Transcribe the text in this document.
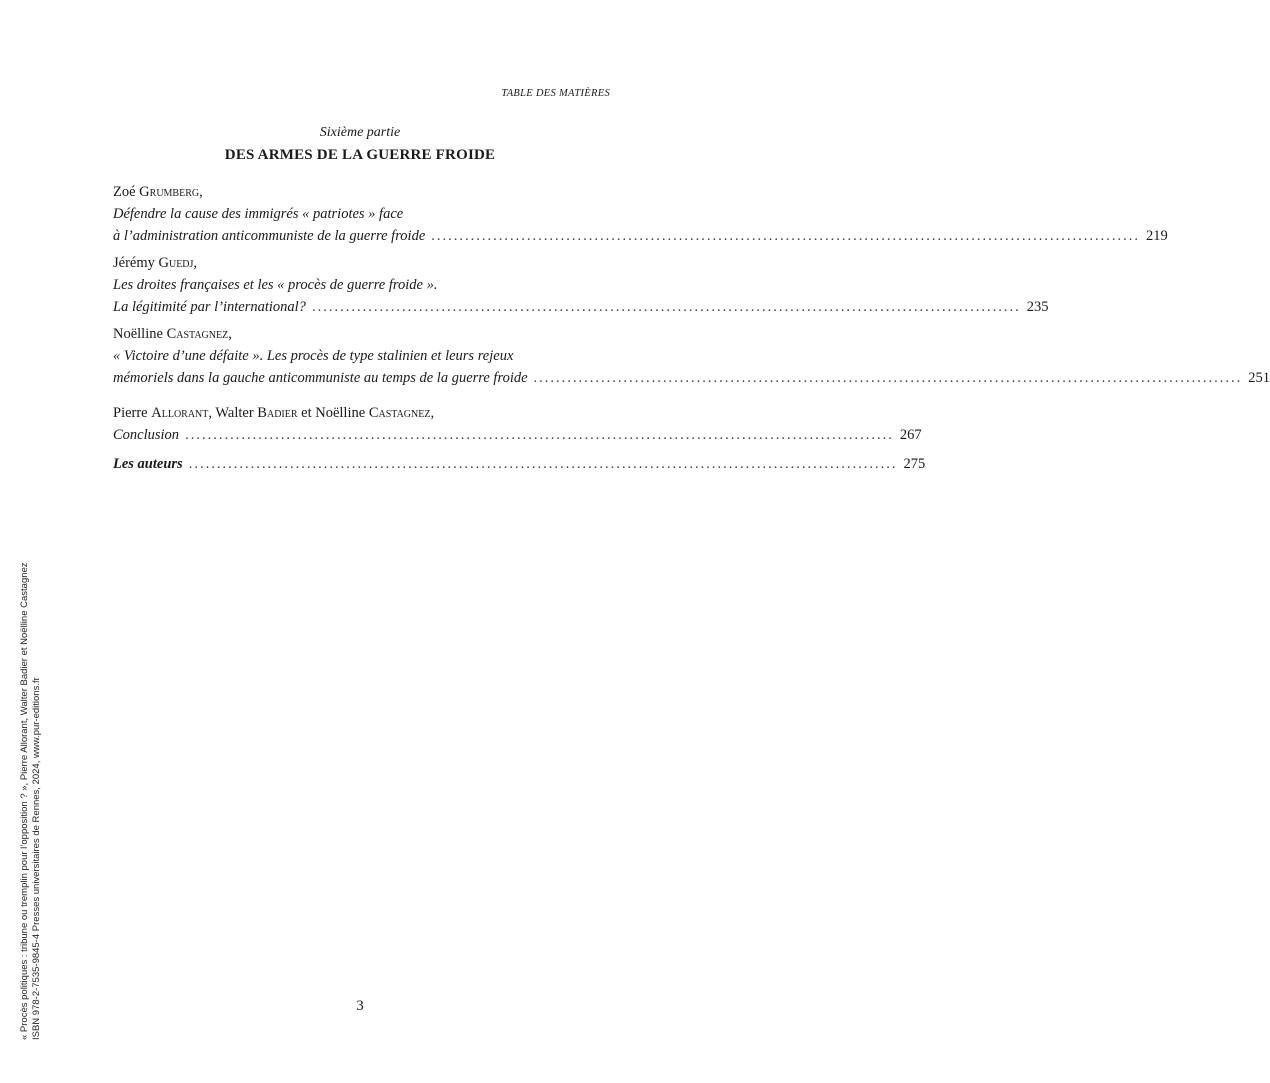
TABLE DES MATIÈRES
Sixième partie
DES ARMES DE LA GUERRE FROIDE
Zoé Grumberg,
Défendre la cause des immigrés « patriotes » face
à l’administration anticommuniste de la guerre froide .............................................................................................................................. 219
Jérémy Guedj,
Les droites françaises et les « procès de guerre froide ».
La légitimité par l’international? .............................................................................................................................. 235
Noëlline Castagnez,
« Victoire d’une défaite ». Les procès de type stalinien et leurs rejeux
mémoriels dans la gauche anticommuniste au temps de la guerre froide .............................................................................................................................. 251
Pierre Allorant, Walter Badier et Noëlline Castagnez,
Conclusion .............................................................................................................................. 267
Les auteurs .............................................................................................................................. 275
« Procès politiques : tribune ou tremplin pour l’opposition ? », Pierre Allorant, Walter Badier et Noëlline Castagnez ISBN 978-2-7535-9845-4 Presses universitaires de Rennes, 2024, www.pur-editions.fr	3
